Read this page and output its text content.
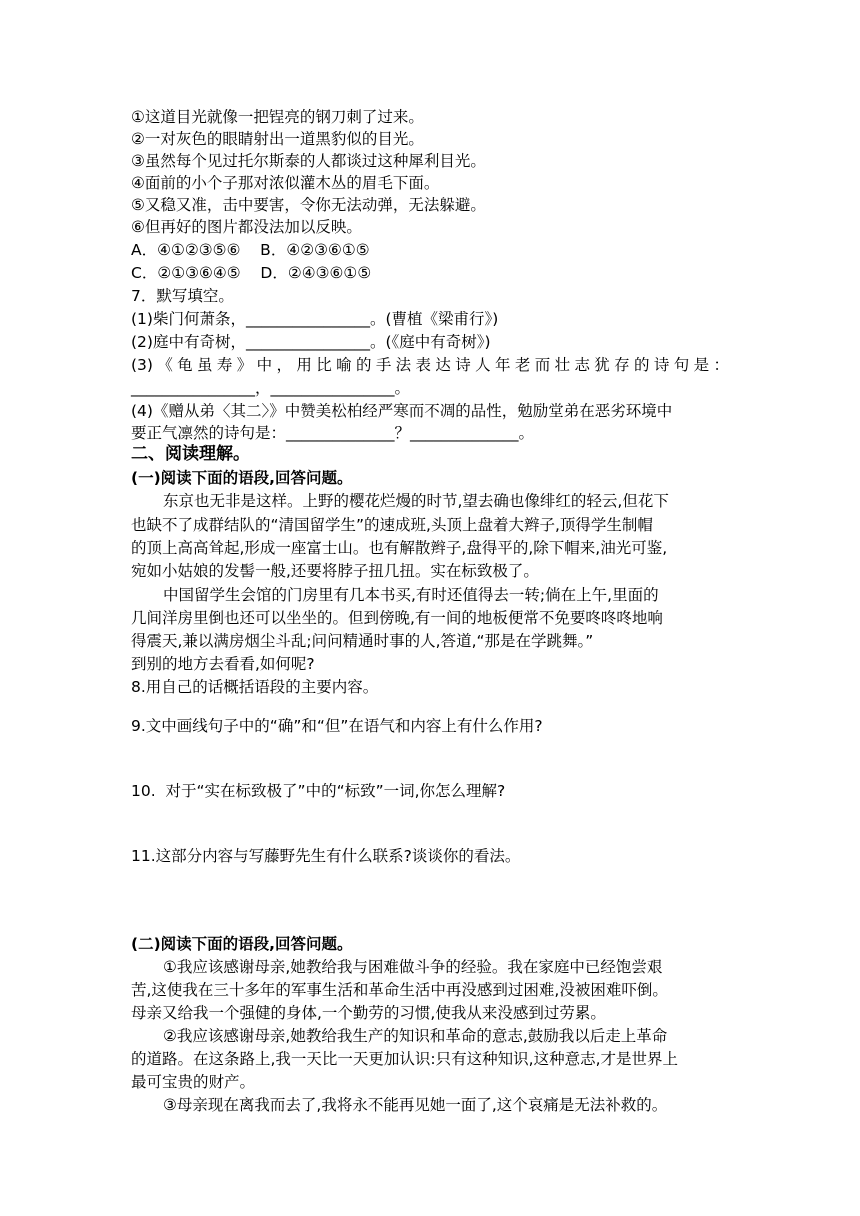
①这道目光就像一把锃亮的钢刀刺了过来。
②一对灰色的眼睛射出一道黑豹似的目光。
③虽然每个见过托尔斯泰的人都谈过这种犀利目光。
④面前的小个子那对浓似灌木丛的眉毛下面。
⑤又稳又准，击中要害，令你无法动弹，无法躲避。
⑥但再好的图片都没法加以反映。
A．④①②③⑤⑥    B．④②③⑥①⑤
C．②①③⑥④⑤    D．②④③⑥①⑤
7．默写填空。
(1)柴门何萧条，________________。(曹植《梁甫行》)
(2)庭中有奇树，________________。(《庭中有奇树》)
(3)《龟虽寿》中，用比喻的手法表达诗人年老而壮志犹存的诗句是：
________________，________________。
(4)《赠从弟〈其二〉》中赞美松柏经严寒而不凋的品性，勉励堂弟在恶劣环境中
要正气凛然的诗句是：______________？______________。
二、阅读理解。
(一)阅读下面的语段,回答问题。
东京也无非是这样。上野的樱花烂熳的时节,望去确也像绯红的轻云,但花下
也缺不了成群结队的“清国留学生”的速成班,头顶上盘着大辫子,顶得学生制帽
的顶上高高耸起,形成一座富士山。也有解散辫子,盘得平的,除下帽来,油光可鉴,
宛如小姑娘的发髻一般,还要将脖子扭几扭。实在标致极了。
中国留学生会馆的门房里有几本书买,有时还值得去一转;倘在上午,里面的
几间洋房里倒也还可以坐坐的。但到傍晚,有一间的地板便常不免要咚咚咚地响
得震天,兼以满房烟尘斗乱;问问精通时事的人,答道,“那是在学跳舞。”
到别的地方去看看,如何呢?
8.用自己的话概括语段的主要内容。
9.文中画线句子中的“确”和“但”在语气和内容上有什么作用?
10.  对于“实在标致极了”中的“标致”一词,你怎么理解?
11.这部分内容与写藤野先生有什么联系?谈谈你的看法。
(二)阅读下面的语段,回答问题。
①我应该感谢母亲,她教给我与困难做斗争的经验。我在家庭中已经饱尝艰
苦,这使我在三十多年的军事生活和革命生活中再没感到过困难,没被困难吓倒。
母亲又给我一个强健的身体,一个勤劳的习惯,使我从来没感到过劳累。
②我应该感谢母亲,她教给我生产的知识和革命的意志,鼓励我以后走上革命
的道路。在这条路上,我一天比一天更加认识:只有这种知识,这种意志,才是世界上
最可宝贵的财产。
③母亲现在离我而去了,我将永不能再见她一面了,这个哀痛是无法补救的。
